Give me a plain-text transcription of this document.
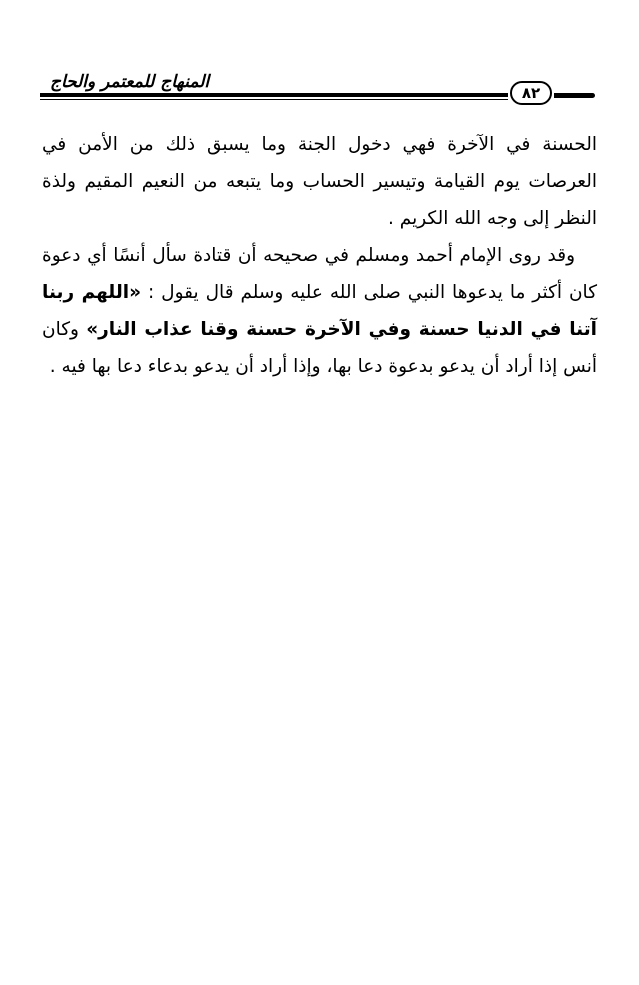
المنهاج للمعتمر والحاج
٨٢

الحسنة في الآخرة فهي دخول الجنة وما يسبق ذلك من الأمن في العرصات يوم القيامة وتيسير الحساب وما يتبعه من النعيم المقيم ولذة النظر إلى وجه الله الكريم .

وقد روى الإمام أحمد ومسلم في صحيحه أن قتادة سأل أنسًا أي دعوة كان أكثر ما يدعوها النبي صلى الله عليه وسلم قال يقول : «اللهم ربنا آتنا في الدنيا حسنة وفي الآخرة حسنة وقنا عذاب النار» وكان أنس إذا أراد أن يدعو بدعوة دعا بها، وإذا أراد أن يدعو بدعاء دعا بها فيه .
